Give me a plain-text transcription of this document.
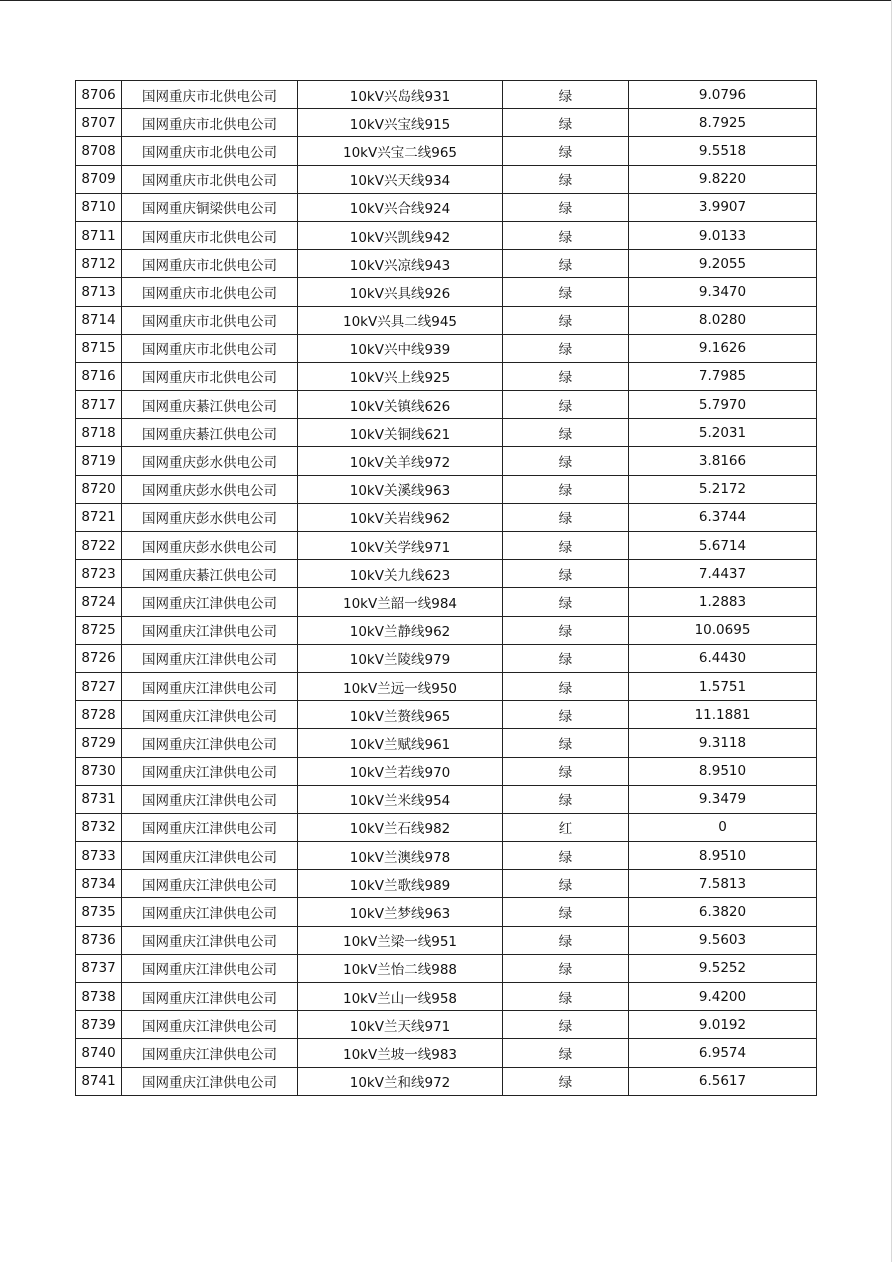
8706	国网重庆市北供电公司	10kV兴岛线931	绿	9.0796
8707	国网重庆市北供电公司	10kV兴宝线915	绿	8.7925
8708	国网重庆市北供电公司	10kV兴宝二线965	绿	9.5518
8709	国网重庆市北供电公司	10kV兴天线934	绿	9.8220
8710	国网重庆铜梁供电公司	10kV兴合线924	绿	3.9907
8711	国网重庆市北供电公司	10kV兴凯线942	绿	9.0133
8712	国网重庆市北供电公司	10kV兴凉线943	绿	9.2055
8713	国网重庆市北供电公司	10kV兴具线926	绿	9.3470
8714	国网重庆市北供电公司	10kV兴具二线945	绿	8.0280
8715	国网重庆市北供电公司	10kV兴中线939	绿	9.1626
8716	国网重庆市北供电公司	10kV兴上线925	绿	7.7985
8717	国网重庆綦江供电公司	10kV关镇线626	绿	5.7970
8718	国网重庆綦江供电公司	10kV关铜线621	绿	5.2031
8719	国网重庆彭水供电公司	10kV关羊线972	绿	3.8166
8720	国网重庆彭水供电公司	10kV关溪线963	绿	5.2172
8721	国网重庆彭水供电公司	10kV关岩线962	绿	6.3744
8722	国网重庆彭水供电公司	10kV关学线971	绿	5.6714
8723	国网重庆綦江供电公司	10kV关九线623	绿	7.4437
8724	国网重庆江津供电公司	10kV兰韶一线984	绿	1.2883
8725	国网重庆江津供电公司	10kV兰静线962	绿	10.0695
8726	国网重庆江津供电公司	10kV兰陵线979	绿	6.4430
8727	国网重庆江津供电公司	10kV兰远一线950	绿	1.5751
8728	国网重庆江津供电公司	10kV兰赘线965	绿	11.1881
8729	国网重庆江津供电公司	10kV兰赋线961	绿	9.3118
8730	国网重庆江津供电公司	10kV兰若线970	绿	8.9510
8731	国网重庆江津供电公司	10kV兰米线954	绿	9.3479
8732	国网重庆江津供电公司	10kV兰石线982	红	0
8733	国网重庆江津供电公司	10kV兰澳线978	绿	8.9510
8734	国网重庆江津供电公司	10kV兰歌线989	绿	7.5813
8735	国网重庆江津供电公司	10kV兰梦线963	绿	6.3820
8736	国网重庆江津供电公司	10kV兰梁一线951	绿	9.5603
8737	国网重庆江津供电公司	10kV兰怡二线988	绿	9.5252
8738	国网重庆江津供电公司	10kV兰山一线958	绿	9.4200
8739	国网重庆江津供电公司	10kV兰天线971	绿	9.0192
8740	国网重庆江津供电公司	10kV兰坡一线983	绿	6.9574
8741	国网重庆江津供电公司	10kV兰和线972	绿	6.5617
